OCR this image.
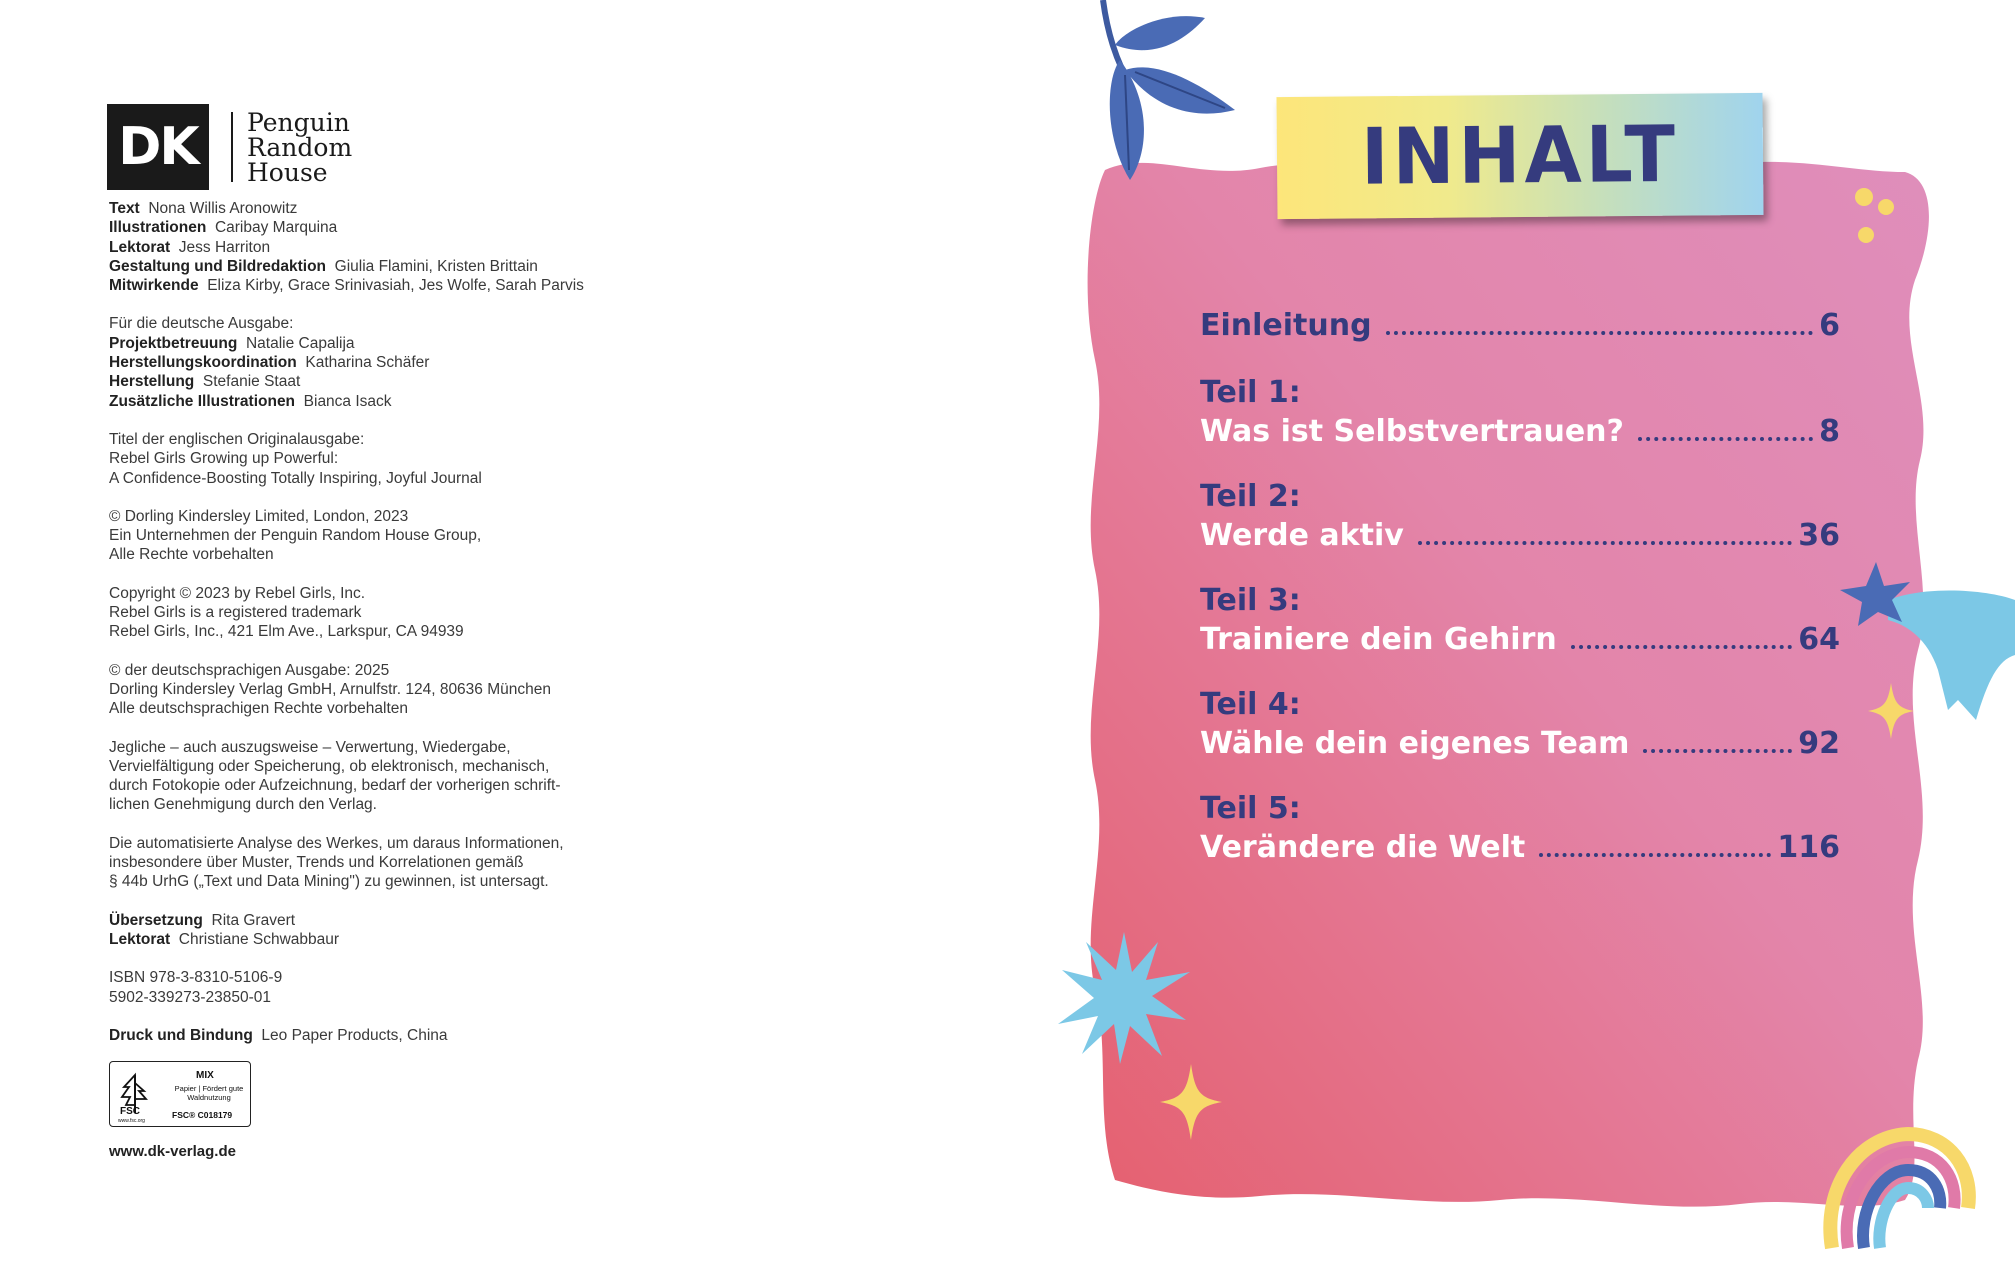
DK	Penguin
Random
House
Text Nona Willis Aronowitz
Illustrationen Caribay Marquina
Lektorat Jess Harriton
Gestaltung und Bildredaktion Giulia Flamini, Kristen Brittain
Mitwirkende Eliza Kirby, Grace Srinivasiah, Jes Wolfe, Sarah Parvis
Für die deutsche Ausgabe:
Projektbetreuung Natalie Capalija
Herstellungskoordination Katharina Schäfer
Herstellung Stefanie Staat
Zusätzliche Illustrationen Bianca Isack
Titel der englischen Originalausgabe:
Rebel Girls Growing up Powerful:
A Confidence-Boosting Totally Inspiring, Joyful Journal
© Dorling Kindersley Limited, London, 2023
Ein Unternehmen der Penguin Random House Group,
Alle Rechte vorbehalten
Copyright © 2023 by Rebel Girls, Inc.
Rebel Girls is a registered trademark
Rebel Girls, Inc., 421 Elm Ave., Larkspur, CA 94939
© der deutschsprachigen Ausgabe: 2025
Dorling Kindersley Verlag GmbH, Arnulfstr. 124, 80636 München
Alle deutschsprachigen Rechte vorbehalten
Jegliche – auch auszugsweise – Verwertung, Wiedergabe,
Vervielfältigung oder Speicherung, ob elektronisch, mechanisch,
durch Fotokopie oder Aufzeichnung, bedarf der vorherigen schrift-
lichen Genehmigung durch den Verlag.
Die automatisierte Analyse des Werkes, um daraus Informationen,
insbesondere über Muster, Trends und Korrelationen gemäß
§ 44b UrhG („Text und Data Mining") zu gewinnen, ist untersagt.
Übersetzung Rita Gravert
Lektorat Christiane Schwabbaur
ISBN 978-3-8310-5106-9
5902-339273-23850-01
Druck und Bindung Leo Paper Products, China
FSC
www.fsc.org
MIX
Papier | Fördert gute Waldnutzung
FSC® C018179
www.dk-verlag.de
INHALT
Einleitung	6
Teil 1:
Was ist Selbstvertrauen?	8
Teil 2:
Werde aktiv	36
Teil 3:
Trainiere dein Gehirn	64
Teil 4:
Wähle dein eigenes Team	92
Teil 5:
Verändere die Welt	116
